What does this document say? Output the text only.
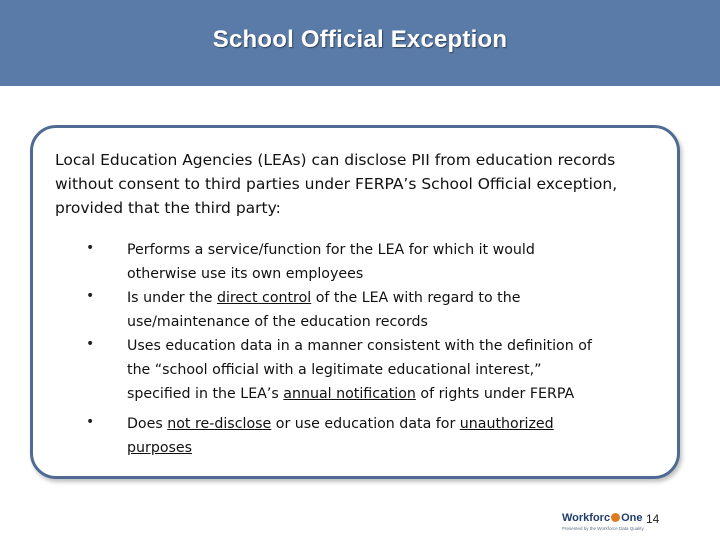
School Official Exception
Local Education Agencies (LEAs) can disclose PII from education records without consent to third parties under FERPA’s School Official exception, provided that the third party:
•
•
•
•
Performs a service/function for the LEA for which it would
otherwise use its own employees
Is under the direct control of the LEA with regard to the
use/maintenance of the education records
Uses education data in a manner consistent with the definition of
the “school official with a legitimate educational interest,”
specified in the LEA’s annual notification of rights under FERPA
Does not re-disclose or use education data for unauthorized
purposes
Workforc One
Presented by the Workforce Data Quality
14
